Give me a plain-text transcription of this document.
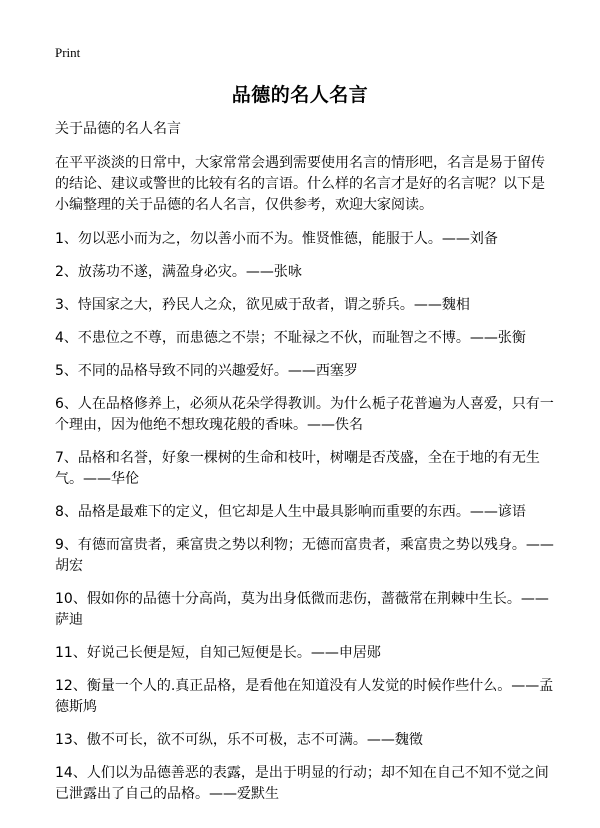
Print
品德的名人名言

关于品德的名人名言

在平平淡淡的日常中，大家常常会遇到需要使用名言的情形吧，名言是易于留传的结论、建议或警世的比较有名的言语。什么样的名言才是好的名言呢？以下是小编整理的关于品德的名人名言，仅供参考，欢迎大家阅读。

1、勿以恶小而为之，勿以善小而不为。惟贤惟德，能服于人。——刘备
2、放荡功不遂，满盈身必灾。——张咏
3、恃国家之大，矜民人之众，欲见威于敌者，谓之骄兵。——魏相
4、不患位之不尊，而患德之不崇；不耻禄之不伙，而耻智之不博。——张衡
5、不同的品格导致不同的兴趣爱好。——西塞罗
6、人在品格修养上，必须从花朵学得教训。为什么栀子花普遍为人喜爱，只有一个理由，因为他绝不想玫瑰花般的香味。——佚名
7、品格和名誉，好象一棵树的生命和枝叶，树嘲是否茂盛，全在于地的有无生气。——华伦
8、品格是最难下的定义，但它却是人生中最具影响而重要的东西。——谚语
9、有德而富贵者，乘富贵之势以利物；无德而富贵者，乘富贵之势以残身。——胡宏
10、假如你的品德十分高尚，莫为出身低微而悲伤，蔷薇常在荆棘中生长。——萨迪
11、好说己长便是短，自知己短便是长。——申居郧
12、衡量一个人的.真正品格，是看他在知道没有人发觉的时候作些什么。——孟德斯鸠
13、傲不可长，欲不可纵，乐不可极，志不可满。——魏徵
14、人们以为品德善恶的表露，是出于明显的行动；却不知在自己不知不觉之间已泄露出了自己的品格。——爱默生
